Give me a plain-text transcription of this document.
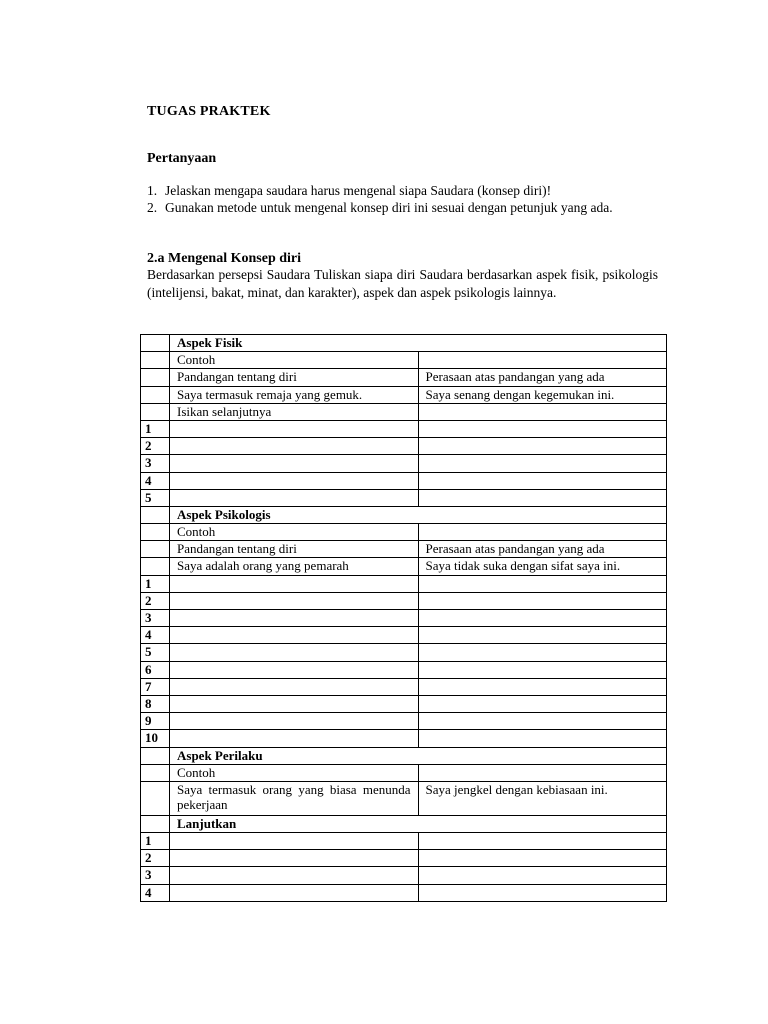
TUGAS PRAKTEK
Pertanyaan
1. Jelaskan mengapa saudara harus mengenal siapa Saudara (konsep diri)!
2. Gunakan metode untuk mengenal konsep diri ini sesuai dengan petunjuk yang ada.
2.a Mengenal Konsep diri

Berdasarkan persepsi Saudara Tuliskan siapa diri Saudara berdasarkan aspek fisik, psikologis (intelijensi, bakat, minat, dan karakter), aspek dan aspek psikologis lainnya.

	Aspek Fisik	
	Contoh	
	Pandangan tentang diri	Perasaan atas pandangan yang ada
	Saya termasuk remaja yang gemuk.	Saya senang dengan kegemukan ini.
	Isikan selanjutnya	
1		
2		
3		
4		
5		
	Aspek Psikologis	
	Contoh	
	Pandangan tentang diri	Perasaan atas pandangan yang ada
	Saya adalah orang yang pemarah	Saya tidak suka dengan sifat saya ini.
1		
2		
3		
4		
5		
6		
7		
8		
9		
10		
	Aspek Perilaku	
	Contoh	
	Saya termasuk orang yang biasa menunda pekerjaan	Saya jengkel dengan kebiasaan ini.
	Lanjutkan	
1		
2		
3		
4		
